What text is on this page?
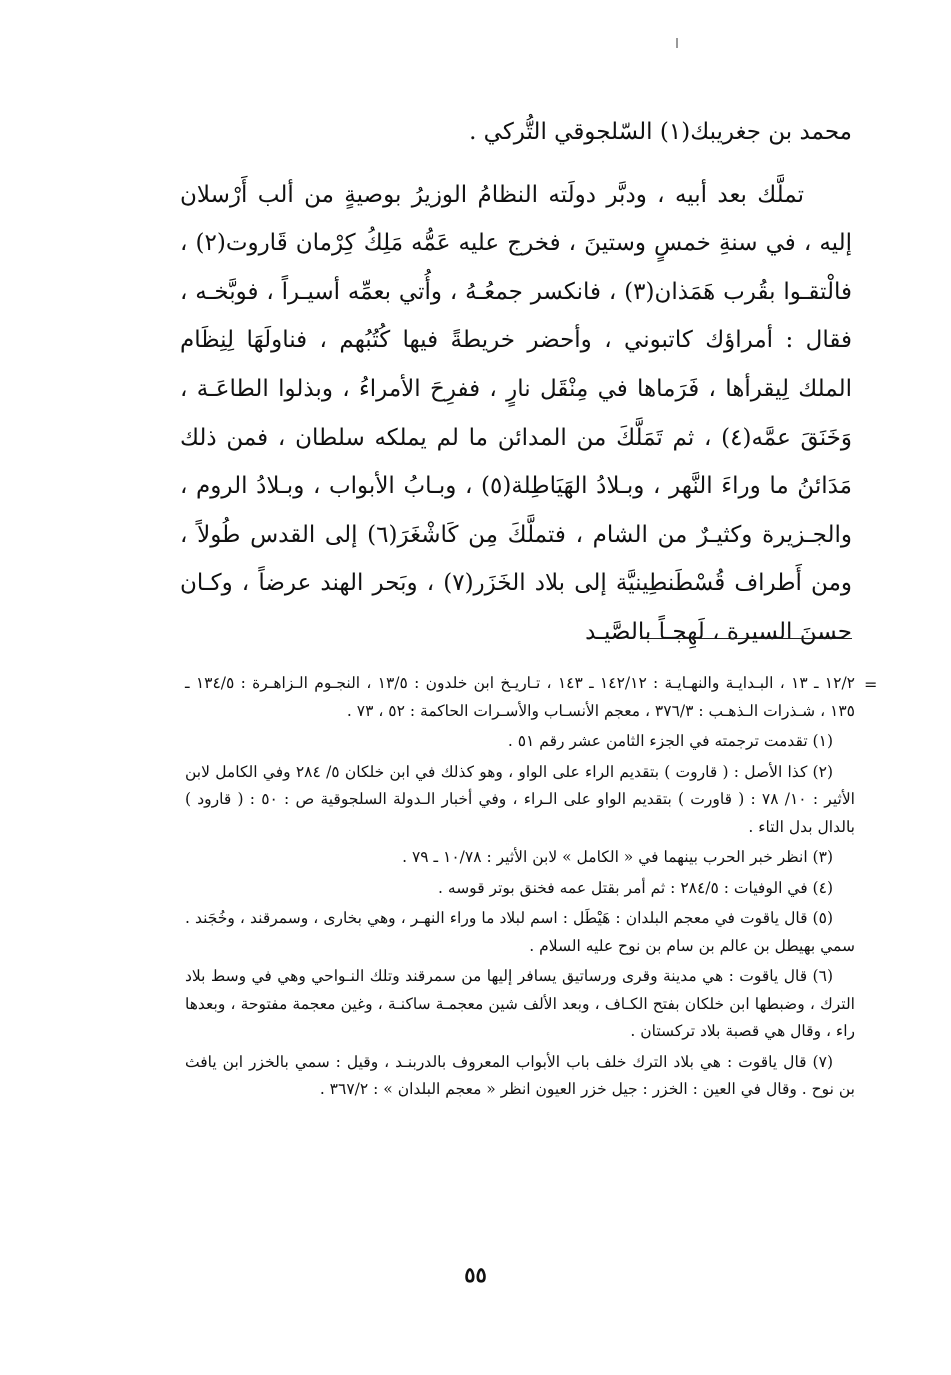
محمد بن جغريبك(١) السّلجوقي التُّركي .

تملَّك بعد أبيه ، ودبَّر دولَته النظامُ الوزيرُ بوصيةٍ من ألب أَرْسلان إليه ، في سنةِ خمسٍ وستينَ ، فخرج عليه عَمُّه مَلِكُ كِرْمان قَاروت(٢) ، فالْتقـوا بقُرب هَمَذان(٣) ، فانكسر جمعُـهُ ، وأُتي بعمِّه أسيـراً ، فوبَّخـه ، فقال : أمراؤك كاتبوني ، وأحضر خريطةً فيها كُتُبُهم ، فناولَهَا لِنِظَام الملك لِيقرأها ، فَرَماها في مِنْقَل نارٍ ، ففرِحَ الأمراءُ ، وبذلوا الطاعَـة ، وَخَنَقَ عمَّه(٤) ، ثم تَمَلَّكَ من المدائن ما لم يملكه سلطان ، فمن ذلك مَدَائنُ ما وراءَ النَّهر ، وبـلادُ الهَيَاطِلة(٥) ، وبـابُ الأبواب ، وبـلادُ الروم ، والجـزيرة وكثيـرٌ من الشام ، فتملَّكَ مِن كَاشْغَرَ(٦) إلى القدس طُولاً ، ومن أَطراف قُسْطَنطِينيَّة إلى بلاد الخَزَر(٧) ، وبَحر الهند عرضاً ، وكـان حسنَ السيرة ، لَهِجـاً بالصَّيـد

=

١٢/٢ ـ ١٣ ، البـدايـة والنهـايـة : ١٤٢/١٢ ـ ١٤٣ ، تـاريـخ ابن خلدون : ١٣/٥ ، النجـوم الـزاهـرة : ١٣٤/٥ ـ ١٣٥ ، شـذرات الـذهـب : ٣٧٦/٣ ، معجم الأنسـاب والأسـرات الحاكمة : ٥٢ ، ٧٣ .

(١) تقدمت ترجمته في الجزء الثامن عشر رقم ٥١ .

(٢) كذا الأصل : ( قاروت ) بتقديم الراء على الواو ، وهو كذلك في ابن خلكان ٥/ ٢٨٤ وفي الكامل لابن الأثير : ١٠/ ٧٨ : ( قاورت ) بتقديم الواو على الـراء ، وفي أخبار الـدولة السلجوقية ص : ٥٠ : ( قارود ) بالدال بدل التاء .

(٣) انظر خبر الحرب بينهما في « الكامل » لابن الأثير : ١٠/٧٨ ـ ٧٩ .

(٤) في الوفيات : ٢٨٤/٥ : ثم أمر بقتل عمه فخنق بوتر قوسه .

(٥) قال ياقوت في معجم البلدان : هَيْطَل : اسم لبلاد ما وراء النهـر ، وهي بخارى ، وسمرقند ، وخُجَند . سمي بهيطل بن عالم بن سام بن نوح عليه السلام .

(٦) قال ياقوت : هي مدينة وقرى ورساتيق يسافر إليها من سمرقند وتلك النـواحي وهي في وسط بلاد الترك ، وضبطها ابن خلكان بفتح الكـاف ، وبعد الألف شين معجمـة ساكنـة ، وغين معجمة مفتوحة ، وبعدها راء ، وقال هي قصبة بلاد تركستان .

(٧) قال ياقوت : هي بلاد الترك خلف باب الأبواب المعروف بالدربنـد ، وقيل : سمي بالخزر ابن يافث بن نوح . وقال في العين : الخزر : جيل خزر العيون انظر « معجم البلدان » : ٣٦٧/٢ .

٥٥
